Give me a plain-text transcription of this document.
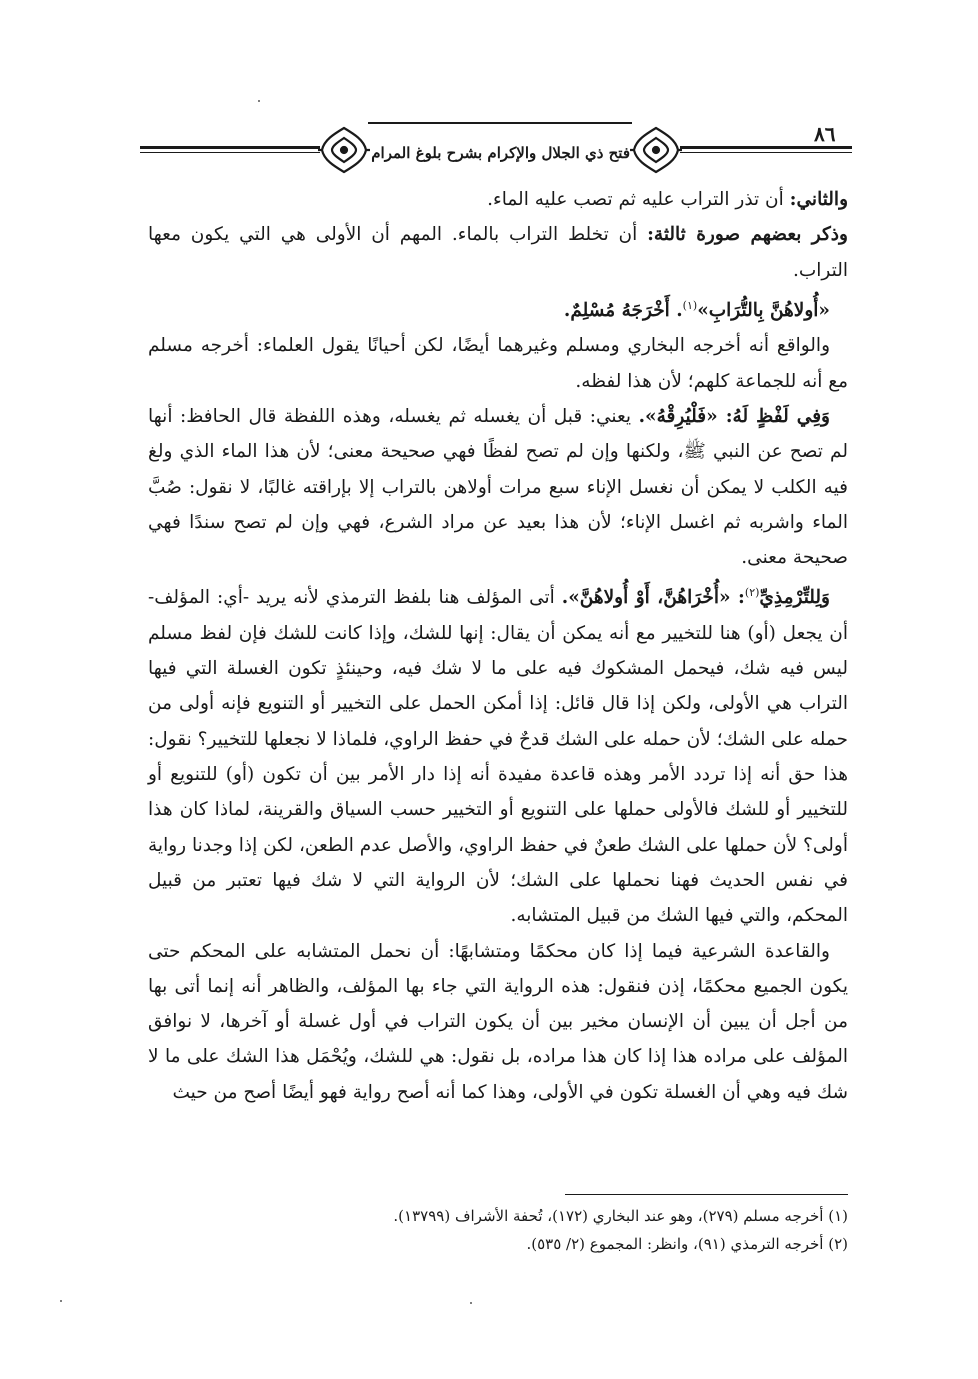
فتح ذي الجلال والإكرام بشرح بلوغ المرام
٨٦

والثاني: أن تذر التراب عليه ثم تصب عليه الماء.

وذكر بعضهم صورة ثالثة: أن تخلط التراب بالماء. المهم أن الأولى هي التي يكون معها التراب.

«أُولاهُنَّ بِالتُّرَابِ»$^{(١)}$. أَخْرَجَهُ مُسْلِمٌ.

والواقع أنه أخرجه البخاري ومسلم وغيرهما أيضًا، لكن أحيانًا يقول العلماء: أخرجه مسلم مع أنه للجماعة كلهم؛ لأن هذا لفظه.

وَفِي لَفْظٍ لَهُ: «فَلْيُرِقْهُ». يعني: قبل أن يغسله ثم يغسله، وهذه اللفظة قال الحافظ: أنها لم تصح عن النبي ﷺ، ولكنها وإن لم تصح لفظًا فهي صحيحة معنى؛ لأن هذا الماء الذي ولغ فيه الكلب لا يمكن أن نغسل الإناء سبع مرات أولاهن بالتراب إلا بإراقته غالبًا، لا نقول: صُبَّ الماء واشربه ثم اغسل الإناء؛ لأن هذا بعيد عن مراد الشرع، فهي وإن لم تصح سندًا فهي صحيحة معنى.

وَلِلتِّرْمِذِيِّ$^{(٢)}$: «أُخْرَاهُنَّ، أَوْ أُولاهُنَّ». أتى المؤلف هنا بلفظ الترمذي لأنه يريد -أي: المؤلف- أن يجعل (أو) هنا للتخيير مع أنه يمكن أن يقال: إنها للشك، وإذا كانت للشك فإن لفظ مسلم ليس فيه شك، فيحمل المشكوك فيه على ما لا شك فيه، وحينئذٍ تكون الغسلة التي فيها التراب هي الأولى، ولكن إذا قال قائل: إذا أمكن الحمل على التخيير أو التنويع فإنه أولى من حمله على الشك؛ لأن حمله على الشك قدحٌ في حفظ الراوي، فلماذا لا نجعلها للتخيير؟ نقول: هذا حق أنه إذا تردد الأمر وهذه قاعدة مفيدة أنه إذا دار الأمر بين أن تكون (أو) للتنويع أو للتخيير أو للشك فالأولى حملها على التنويع أو التخيير حسب السياق والقرينة، لماذا كان هذا أولى؟ لأن حملها على الشك طعنٌ في حفظ الراوي، والأصل عدم الطعن، لكن إذا وجدنا رواية في نفس الحديث فهنا نحملها على الشك؛ لأن الرواية التي لا شك فيها تعتبر من قبيل المحكم، والتي فيها الشك من قبيل المتشابه.

والقاعدة الشرعية فيما إذا كان محكمًا ومتشابهًا: أن نحمل المتشابه على المحكم حتى يكون الجميع محكمًا، إذن فنقول: هذه الرواية التي جاء بها المؤلف، والظاهر أنه إنما أتى بها من أجل أن يبين أن الإنسان مخير بين أن يكون التراب في أول غسلة أو آخرها، لا نوافق المؤلف على مراده هذا إذا كان هذا مراده، بل نقول: هي للشك، ويُحْمَل هذا الشك على ما لا شك فيه وهي أن الغسلة تكون في الأولى، وهذا كما أنه أصح رواية فهو أيضًا أصح من حيث

(١) أخرجه مسلم (٢٧٩)، وهو عند البخاري (١٧٢)، تُحفة الأشراف (١٣٧٩٩).
(٢) أخرجه الترمذي (٩١)، وانظر: المجموع (٢/ ٥٣٥).
